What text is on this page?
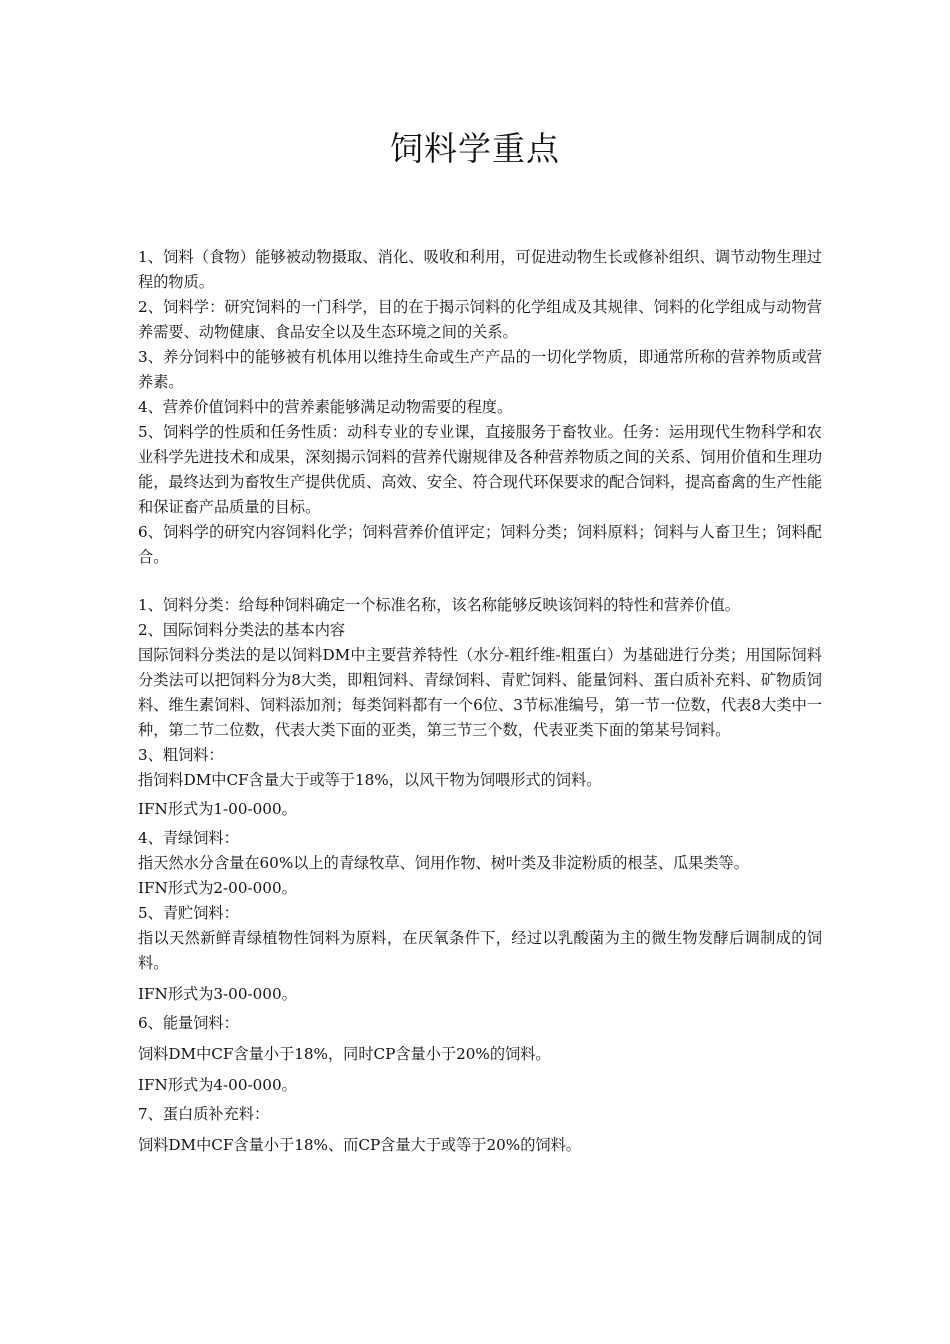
饲料学重点

1、饲料（食物）能够被动物摄取、消化、吸收和利用，可促进动物生长或修补组织、调节动物生理过程的物质。

2、饲料学：研究饲料的一门科学，目的在于揭示饲料的化学组成及其规律、饲料的化学组成与动物营养需要、动物健康、食品安全以及生态环境之间的关系。

3、养分饲料中的能够被有机体用以维持生命或生产产品的一切化学物质，即通常所称的营养物质或营养素。

4、营养价值饲料中的营养素能够满足动物需要的程度。

5、饲料学的性质和任务性质：动科专业的专业课，直接服务于畜牧业。任务：运用现代生物科学和农业科学先进技术和成果，深刻揭示饲料的营养代谢规律及各种营养物质之间的关系、饲用价值和生理功能，最终达到为畜牧生产提供优质、高效、安全、符合现代环保要求的配合饲料，提高畜禽的生产性能和保证畜产品质量的目标。

6、饲料学的研究内容饲料化学；饲料营养价值评定；饲料分类；饲料原料；饲料与人畜卫生；饲料配合。

1、饲料分类：给每种饲料确定一个标准名称，该名称能够反映该饲料的特性和营养价值。

2、国际饲料分类法的基本内容

国际饲料分类法的是以饲料DM中主要营养特性（水分-粗纤维-粗蛋白）为基础进行分类；用国际饲料分类法可以把饲料分为8大类，即粗饲料、青绿饲料、青贮饲料、能量饲料、蛋白质补充料、矿物质饲料、维生素饲料、饲料添加剂；每类饲料都有一个6位、3节标准编号，第一节一位数，代表8大类中一种，第二节二位数，代表大类下面的亚类，第三节三个数，代表亚类下面的第某号饲料。

3、粗饲料：

指饲料DM中CF含量大于或等于18%，以风干物为饲喂形式的饲料。

IFN形式为1-00-000。

4、青绿饲料：

指天然水分含量在60%以上的青绿牧草、饲用作物、树叶类及非淀粉质的根茎、瓜果类等。

IFN形式为2-00-000。

5、青贮饲料：

指以天然新鲜青绿植物性饲料为原料，在厌氧条件下，经过以乳酸菌为主的微生物发酵后调制成的饲料。

IFN形式为3-00-000。

6、能量饲料：

饲料DM中CF含量小于18%，同时CP含量小于20%的饲料。

IFN形式为4-00-000。

7、蛋白质补充料：

饲料DM中CF含量小于18%、而CP含量大于或等于20%的饲料。
